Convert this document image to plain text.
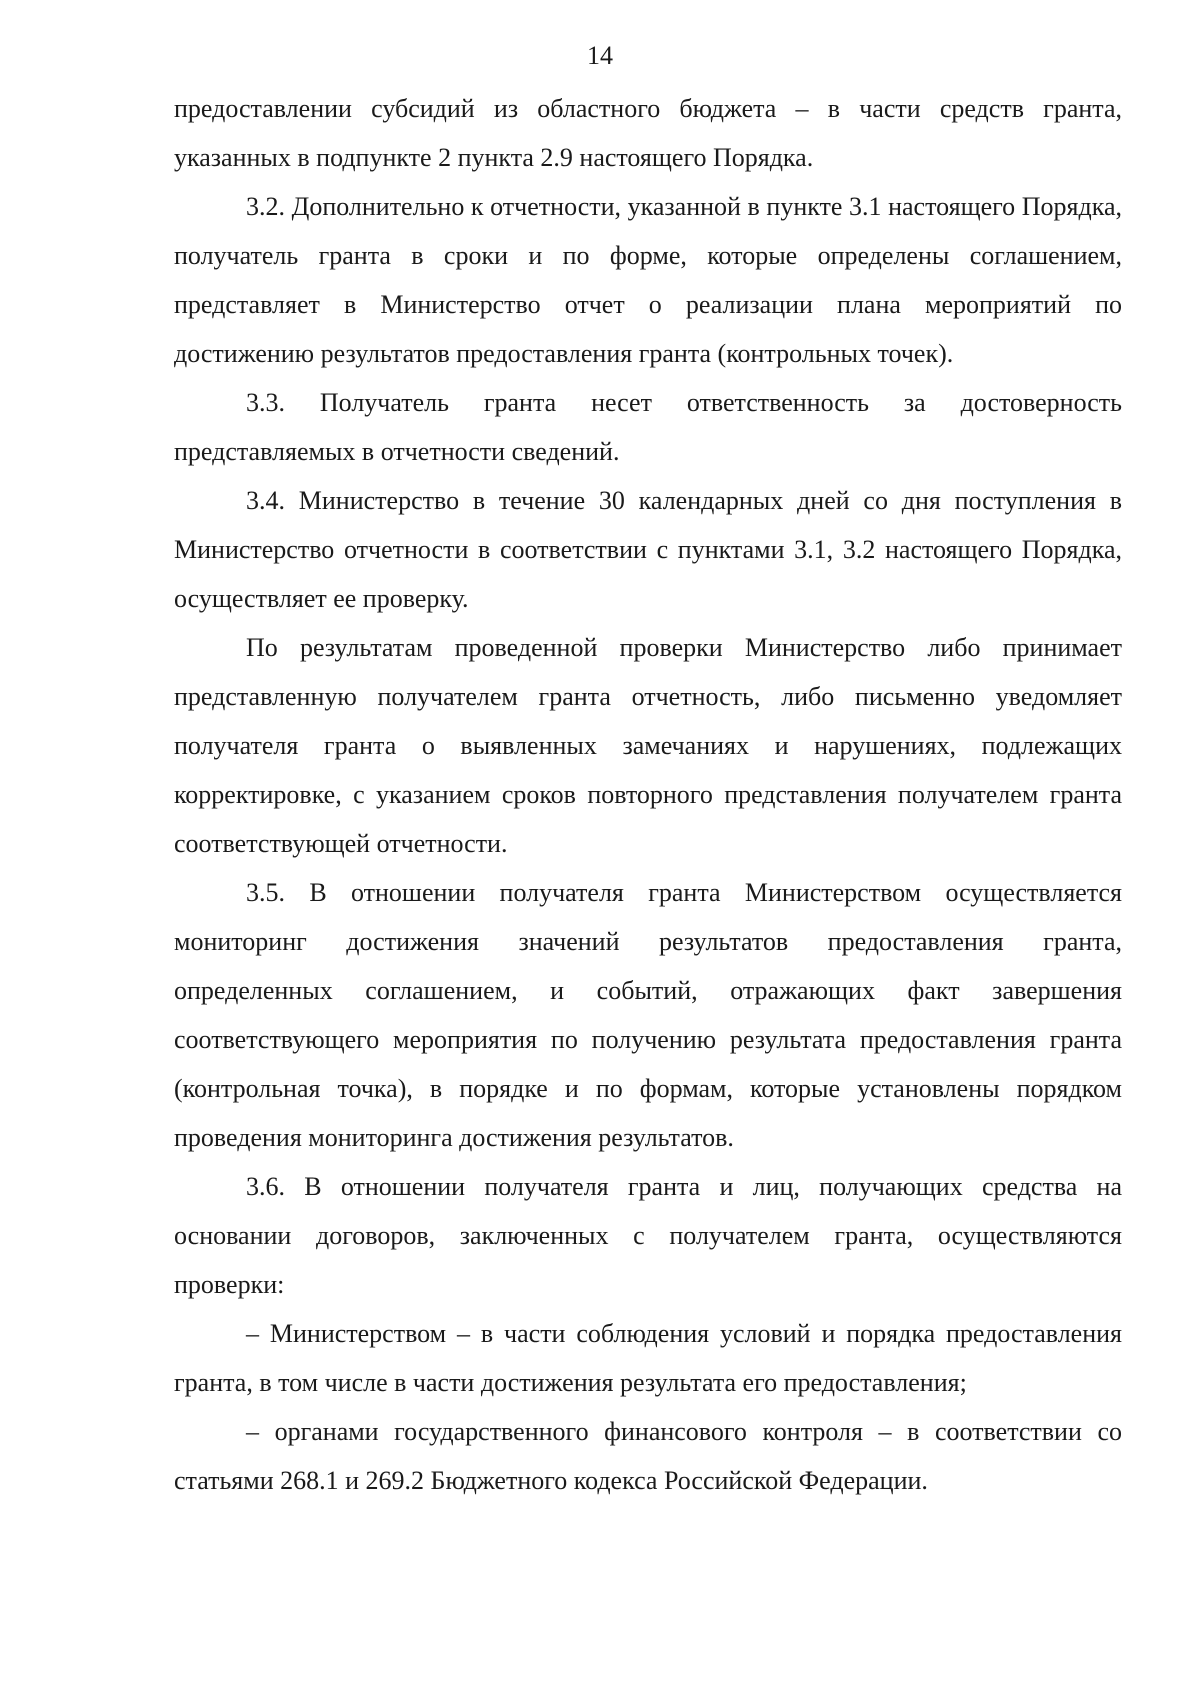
14

предоставлении субсидий из областного бюджета – в части средств гранта, указанных в подпункте 2 пункта 2.9 настоящего Порядка.

3.2. Дополнительно к отчетности, указанной в пункте 3.1 настоящего Порядка, получатель гранта в сроки и по форме, которые определены соглашением, представляет в Министерство отчет о реализации плана мероприятий по достижению результатов предоставления гранта (контрольных точек).

3.3. Получатель гранта несет ответственность за достоверность представляемых в отчетности сведений.

3.4. Министерство в течение 30 календарных дней со дня поступления в Министерство отчетности в соответствии с пунктами 3.1, 3.2 настоящего Порядка, осуществляет ее проверку.

По результатам проведенной проверки Министерство либо принимает представленную получателем гранта отчетность, либо письменно уведомляет получателя гранта о выявленных замечаниях и нарушениях, подлежащих корректировке, с указанием сроков повторного представления получателем гранта соответствующей отчетности.

3.5. В отношении получателя гранта Министерством осуществляется мониторинг достижения значений результатов предоставления гранта, определенных соглашением, и событий, отражающих факт завершения соответствующего мероприятия по получению результата предоставления гранта (контрольная точка), в порядке и по формам, которые установлены порядком проведения мониторинга достижения результатов.

3.6. В отношении получателя гранта и лиц, получающих средства на основании договоров, заключенных с получателем гранта, осуществляются проверки:

– Министерством – в части соблюдения условий и порядка предоставления гранта, в том числе в части достижения результата его предоставления;

– органами государственного финансового контроля – в соответствии со статьями 268.1 и 269.2 Бюджетного кодекса Российской Федерации.
